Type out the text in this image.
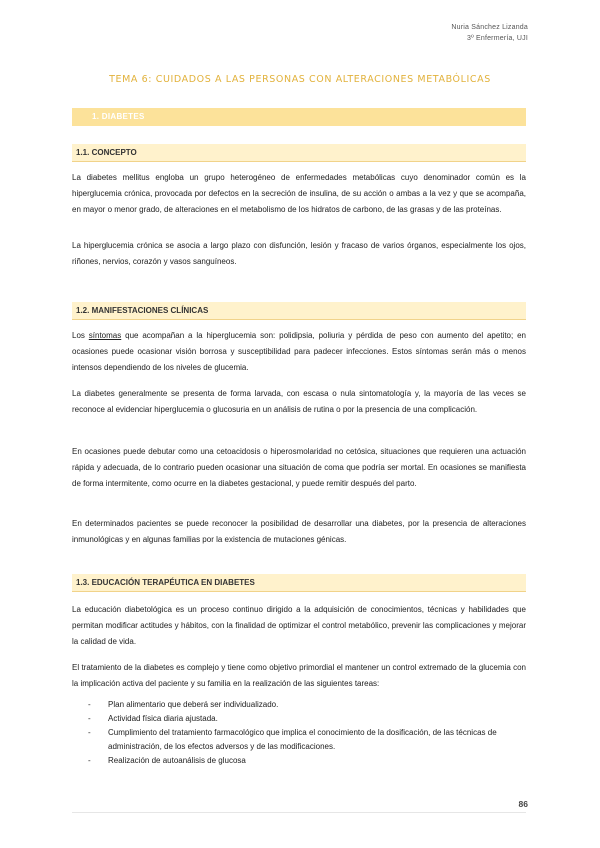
Nuria Sánchez Lizanda
3º Enfermería, UJI
TEMA 6: CUIDADOS A LAS PERSONAS CON ALTERACIONES METABÓLICAS
1. DIABETES
1.1. CONCEPTO

La diabetes mellitus engloba un grupo heterogéneo de enfermedades metabólicas cuyo denominador común es la hiperglucemia crónica, provocada por defectos en la secreción de insulina, de su acción o ambas a la vez y que se acompaña, en mayor o menor grado, de alteraciones en el metabolismo de los hidratos de carbono, de las grasas y de las proteínas.

La hiperglucemia crónica se asocia a largo plazo con disfunción, lesión y fracaso de varios órganos, especialmente los ojos, riñones, nervios, corazón y vasos sanguíneos.

1.2. MANIFESTACIONES CLÍNICAS

Los síntomas que acompañan a la hiperglucemia son: polidipsia, poliuria y pérdida de peso con aumento del apetito; en ocasiones puede ocasionar visión borrosa y susceptibilidad para padecer infecciones. Estos síntomas serán más o menos intensos dependiendo de los niveles de glucemia.

La diabetes generalmente se presenta de forma larvada, con escasa o nula sintomatología y, la mayoría de las veces se reconoce al evidenciar hiperglucemia o glucosuria en un análisis de rutina o por la presencia de una complicación.

En ocasiones puede debutar como una cetoacidosis o hiperosmolaridad no cetósica, situaciones que requieren una actuación rápida y adecuada, de lo contrario pueden ocasionar una situación de coma que podría ser mortal. En ocasiones se manifiesta de forma intermitente, como ocurre en la diabetes gestacional, y puede remitir después del parto.

En determinados pacientes se puede reconocer la posibilidad de desarrollar una diabetes, por la presencia de alteraciones inmunológicas y en algunas familias por la existencia de mutaciones génicas.

1.3. EDUCACIÓN TERAPÉUTICA EN DIABETES

La educación diabetológica es un proceso continuo dirigido a la adquisición de conocimientos, técnicas y habilidades que permitan modificar actitudes y hábitos, con la finalidad de optimizar el control metabólico, prevenir las complicaciones y mejorar la calidad de vida.

El tratamiento de la diabetes es complejo y tiene como objetivo primordial el mantener un control extremado de la glucemia con la implicación activa del paciente y su familia en la realización de las siguientes tareas:

- Plan alimentario que deberá ser individualizado.
- Actividad física diaria ajustada.
- Cumplimiento del tratamiento farmacológico que implica el conocimiento de la dosificación, de las técnicas de administración, de los efectos adversos y de las modificaciones.
- Realización de autoanálisis de glucosa
86
